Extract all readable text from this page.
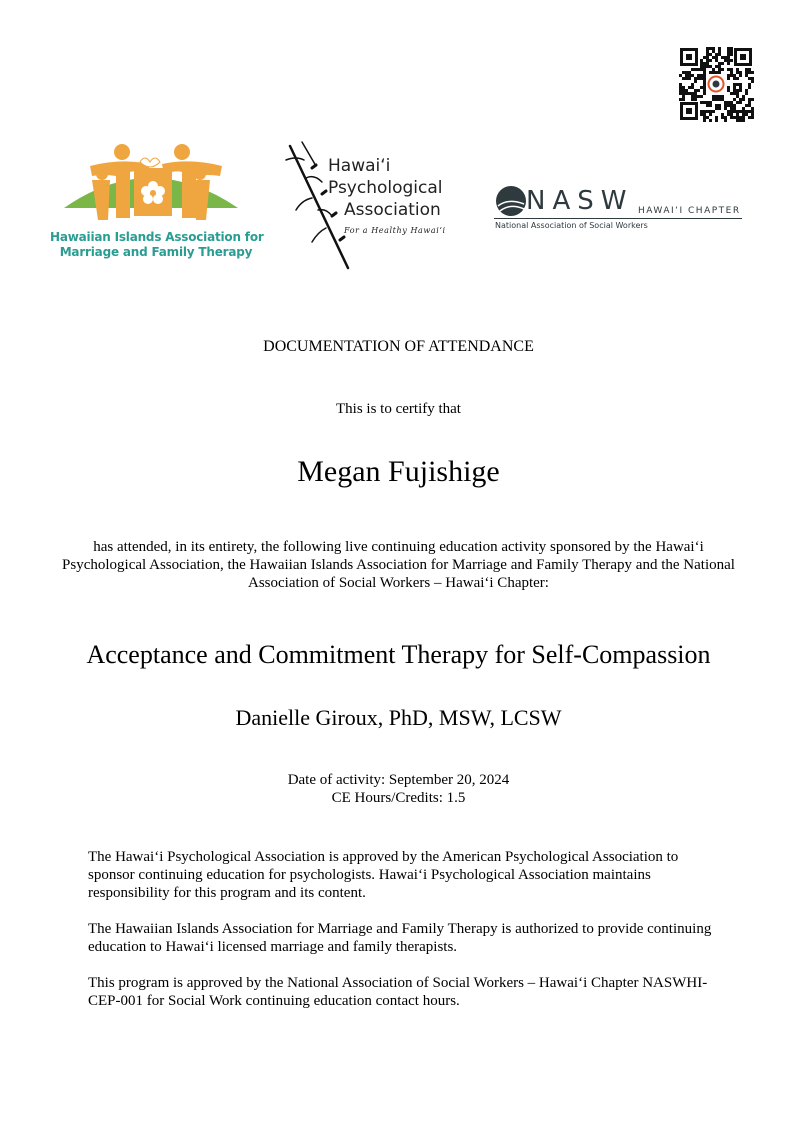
Hawaiian Islands Association for
Marriage and Family Therapy
Hawaiʻi
Psychological
Association
For a Healthy Hawaiʻi
NASW HAWAIʻI CHAPTER
National Association of Social Workers
DOCUMENTATION OF ATTENDANCE
This is to certify that
Megan Fujishige
has attended, in its entirety, the following live continuing education activity sponsored by the Hawaiʻi Psychological Association, the Hawaiian Islands Association for Marriage and Family Therapy and the National Association of Social Workers – Hawaiʻi Chapter:
Acceptance and Commitment Therapy for Self-Compassion
Danielle Giroux, PhD, MSW, LCSW
Date of activity: September 20, 2024
CE Hours/Credits: 1.5
The Hawaiʻi Psychological Association is approved by the American Psychological Association to sponsor continuing education for psychologists. Hawaiʻi Psychological Association maintains responsibility for this program and its content.
The Hawaiian Islands Association for Marriage and Family Therapy is authorized to provide continuing education to Hawaiʻi licensed marriage and family therapists.
This program is approved by the National Association of Social Workers – Hawaiʻi Chapter NASWHI-CEP-001 for Social Work continuing education contact hours.
